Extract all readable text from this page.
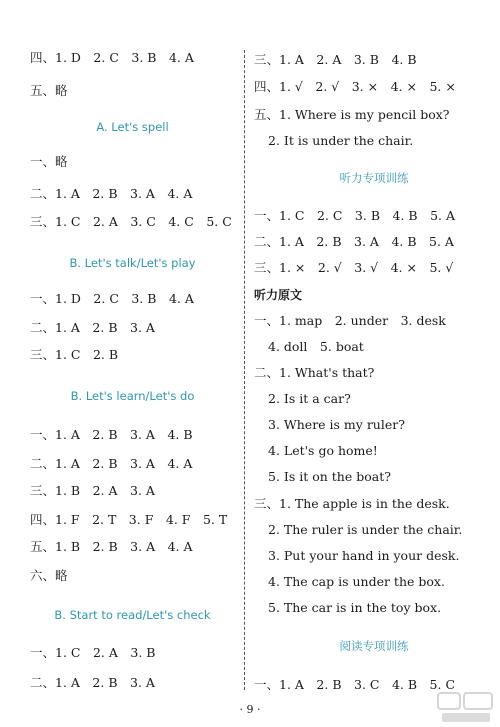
四、1. D　2. C　3. B　4. A
五、略
A. Let's spell
一、略
二、1. A　2. B　3. A　4. A
三、1. C　2. A　3. C　4. C　5. C
B. Let's talk/Let's play
一、1. D　2. C　3. B　4. A
二、1. A　2. B　3. A
三、1. C　2. B
B. Let's learn/Let's do
一、1. A　2. B　3. A　4. B
二、1. A　2. B　3. A　4. A
三、1. B　2. A　3. A
四、1. F　2. T　3. F　4. F　5. T
五、1. B　2. B　3. A　4. A
六、略
B. Start to read/Let's check
一、1. C　2. A　3. B
二、1. A　2. B　3. A
三、1. A　2. A　3. B　4. B
四、1. √　2. √　3. ×　4. ×　5. ×
五、1. Where is my pencil box?
2. It is under the chair.
听力专项训练
一、1. C　2. C　3. B　4. B　5. A
二、1. A　2. B　3. A　4. B　5. A
三、1. ×　2. √　3. √　4. ×　5. √
听力原文
一、1. map　2. under　3. desk
4. doll　5. boat
二、1. What's that?
2. Is it a car?
3. Where is my ruler?
4. Let's go home!
5. Is it on the boat?
三、1. The apple is in the desk.
2. The ruler is under the chair.
3. Put your hand in your desk.
4. The cap is under the box.
5. The car is in the toy box.
阅读专项训练
一、1. A　2. B　3. C　4. B　5. C
· 9 ·
